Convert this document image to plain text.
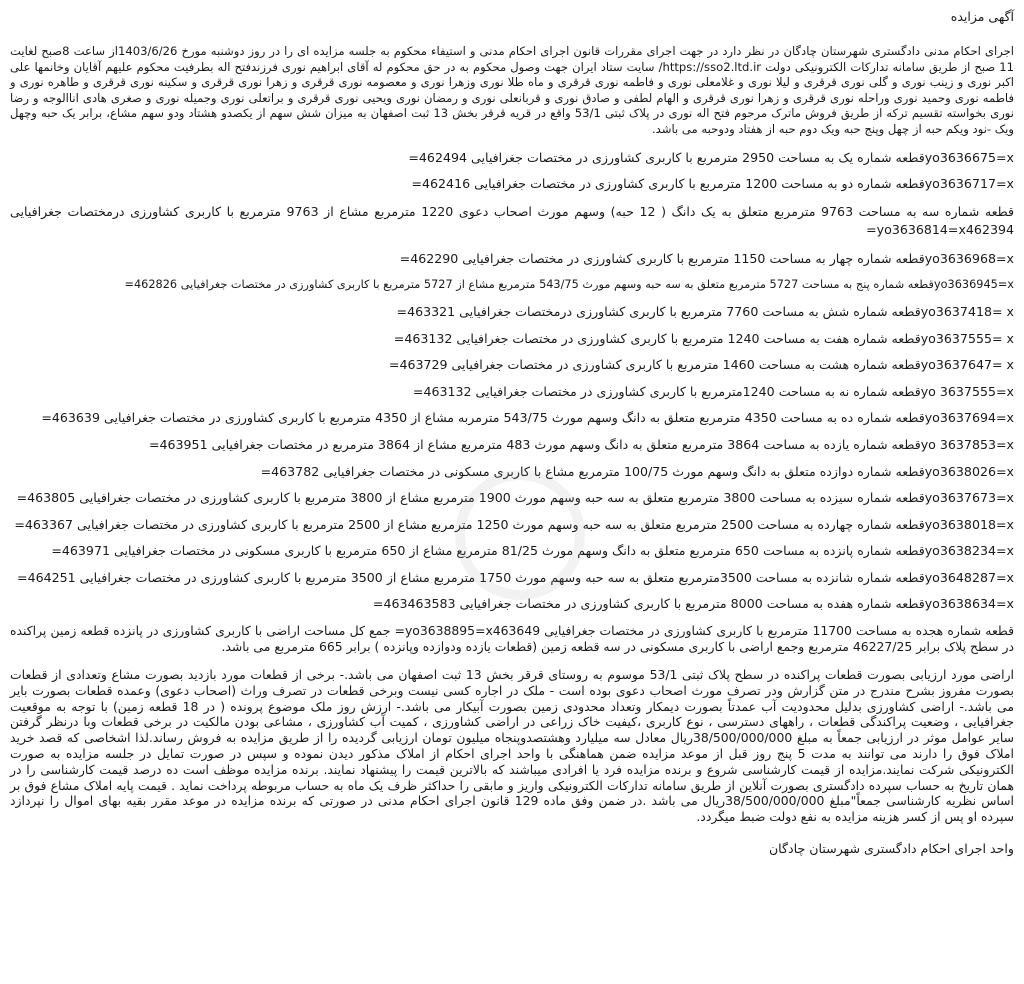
آگهی مزایده

اجرای احکام مدنی دادگستری شهرستان چادگان در نظر دارد در جهت اجرای مقررات قانون اجرای احکام مدنی و استیفاء محکوم به جلسه مزایده ای را در روز دوشنبه مورخ 1403/6/26از ساعت 8صبح لغایت 11 صبح از طریق سامانه تدارکات الکترونیکی دولت https://sso2.ltd.ir/ سایت ستاد ایران جهت وصول محکوم به در حق محکوم له آقای ابراهیم نوری فرزندفتح اله بطرفیت محکوم علیهم آقایان وخانمها علی اکبر نوری و زینب نوری و گلی نوری قرقری و لیلا نوری و غلامعلی نوری و فاطمه نوری قرقری و ماه طلا نوری وزهرا نوری و معصومه نوری قرقری و زهرا نوری قرقری و سکینه نوری قرقری و طاهره نوری و فاطمه نوری وحمید نوری وراحله نوری قرقری و زهرا نوری قرقری و الهام لطفی و صادق نوری و قربانعلی نوری و رمضان نوری ویحیی نوری قرقری و براتعلی نوری وجمیله نوری و صغری هادی اناالوجه و رضا نوری بخواسته تقسیم ترکه از طریق فروش ماترک مرحوم فتح اله نوری در پلاک ثبتی 53/1 واقع در قریه قرقر بخش 13 ثبت اصفهان به میزان شش سهم از یکصدو هشتاد ودو سهم مشاع، برابر یک حبه وچهل ویک -نود ویکم حبه از چهل وپنج حبه ویک دوم حبه از هفتاد ودوحبه می باشد.

yo3636675=xقطعه شماره یک به مساحت 2950 مترمربع با کاربری کشاورزی در مختصات جغرافیایی 462494=
yo3636717=xقطعه شماره دو به مساحت 1200 مترمربع با کاربری کشاورزی در مختصات جغرافیایی 462416=
قطعه شماره سه به مساحت 9763 مترمربع متعلق به یک دانگ ( 12 حبه) وسهم مورث اصحاب دعوی 1220 مترمربع مشاع از 9763 مترمربع با کاربری کشاورزی درمختصات جغرافیایی yo3636814=x462394=
yo3636968=xقطعه شماره چهار به مساحت 1150 مترمربع با کاربری کشاورزی در مختصات جغرافیایی 462290=
yo3636945=xقطعه شماره پنج به مساحت 5727 مترمربع متعلق به سه حبه وسهم مورث 543/75 مترمربع مشاع از 5727 مترمربع با کاربری کشاورزی در مختصات جغرافیایی 462826=
yo3637418= xقطعه شماره شش به مساحت 7760 مترمربع با کاربری کشاورزی درمختصات جغرافیایی 463321=
yo3637555= xقطعه شماره هفت به مساحت 1240 مترمربع با کاربری کشاورزی در مختصات جغرافیایی 463132=
yo3637647= xقطعه شماره هشت به مساحت 1460 مترمربع با کاربری کشاورزی در مختصات جغرافیایی 463729=
yo 3637555=xقطعه شماره نه به مساحت 1240مترمربع با کاربری کشاورزی در مختصات جغرافیایی 463132=
yo3637694=xقطعه شماره ده به مساحت 4350 مترمربع متعلق به دانگ وسهم مورث 543/75 مترمربه مشاع از 4350 مترمربع با کاربری کشاورزی در مختصات جغرافیایی 463639=
yo 3637853=xقطعه شماره یازده به مساحت 3864 مترمربع متعلق به دانگ وسهم مورث 483 مترمربع مشاع از 3864 مترمربع در مختصات جغرافیایی 463951=
yo3638026=xقطعه شماره دوازده متعلق به دانگ وسهم مورث 100/75 مترمربع مشاع با کاربری مسکونی در مختصات جغرافیایی 463782=
yo3637673=xقطعه شماره سیزده به مساحت 3800 مترمربع متعلق به سه حبه وسهم مورث 1900 مترمربع مشاع از 3800 مترمربع با کاربری کشاورزی در مختصات جغرافیایی 463805=
yo3638018=xقطعه شماره چهارده به مساحت 2500 مترمربع متعلق به سه حبه وسهم مورث 1250 مترمربع مشاع از 2500 مترمربع با کاربری کشاورزی در مختصات جغرافیایی 463367=
yo3638234=xقطعه شماره پانزده به مساحت 650 مترمربع متعلق به دانگ وسهم مورث 81/25 مترمربع مشاع از 650 مترمربع با کاربری مسکونی در مختصات جغرافیایی 463971=
yo3648287=xقطعه شماره شانزده به مساحت 3500مترمربع متعلق به سه حبه وسهم مورث 1750 مترمربع مشاع از 3500 مترمربع با کاربری کشاورزی در مختصات جغرافیایی 464251=
yo3638634=xقطعه شماره هفده به مساحت 8000 مترمربع با کاربری کشاورزی در مختصات جغرافیایی 463463583=

قطعه شماره هجده به مساحت 11700 مترمربع با کاربری کشاورزی در مختصات جغرافیایی yo3638895=x463649= جمع کل مساحت اراضی با کاربری کشاورزی در پانزده قطعه زمین پراکنده در سطح پلاک برابر 46227/25 مترمربع وجمع اراضی با کاربری مسکونی در سه قطعه زمین (قطعات یازده ودوازده وپانزده ) برابر 665 مترمربع می باشد.

اراضی مورد ارزیابی بصورت قطعات پراکنده در سطح پلاک ثبتی 53/1 موسوم به روستای قرقر بخش 13 ثبت اصفهان می باشد.- برخی از قطعات مورد بازدید بصورت مشاع وتعدادی از قطعات بصورت مفروز بشرح مندرج در متن گزارش ودر تصرف مورث اصحاب دعوی بوده است - ملک در اجاره کسی نیست وبرخی قطعات در تصرف وراث (اصحاب دعوی) وعمده قطعات بصورت بایر می باشد.- اراضی کشاورزی بدلیل محدودیت آب عمدتاً بصورت دیمکار وتعداد محدودی زمین بصورت آبیکار می باشد.- ارزش روز ملک موضوع پرونده ( در 18 قطعه زمین) با توجه به موقعیت جغرافیایی ، وضعیت پراکندگی قطعات ، راههای دسترسی ، نوع کاربری ،کیفیت خاک زراعی در اراضی کشاورزی ، کمیت آب کشاورزی ، مشاعی بودن مالکیت در برخی قطعات وبا درنظر گرفتن سایر عوامل موثر در ارزیابی جمعاً به مبلغ 38/500/000/000ریال معادل سه میلیارد وهشتصدوپنجاه میلیون تومان ارزیابی گردیده را از طریق مزایده به فروش رساند.لذا اشخاصی که قصد خرید املاک فوق را دارند می توانند به مدت 5 پنج روز قبل از موعد مزایده ضمن هماهنگی با واحد اجرای احکام از املاک مذکور دیدن نموده و سپس در صورت تمایل در جلسه مزایده به صورت الکترونیکی شرکت نمایند.مزایده از قیمت کارشناسی شروع و برنده مزایده فرد یا افرادی میباشند که بالاترین قیمت را پیشنهاد نمایند. برنده مزایده موظف است ده درصد قیمت کارشناسی را در همان تاریخ به حساب سپرده دادگستری بصورت آنلاین از طریق سامانه تدارکات الکترونیکی واریز و مابقی را حداکثر ظرف یک ماه به حساب مربوطه پرداخت نماید . قیمت پایه املاک مشاع فوق بر اساس نظریه کارشناسی جمعاً"مبلغ 38/500/000/000ریال می باشد .در ضمن وفق ماده 129 قانون اجرای احکام مدنی در صورتی که برنده مزایده در موعد مقرر بقیه بهای اموال را نپردازد سپرده او پس از کسر هزینه مزایده به نفع دولت ضبط میگردد.

واحد اجرای احکام دادگستری شهرستان چادگان
